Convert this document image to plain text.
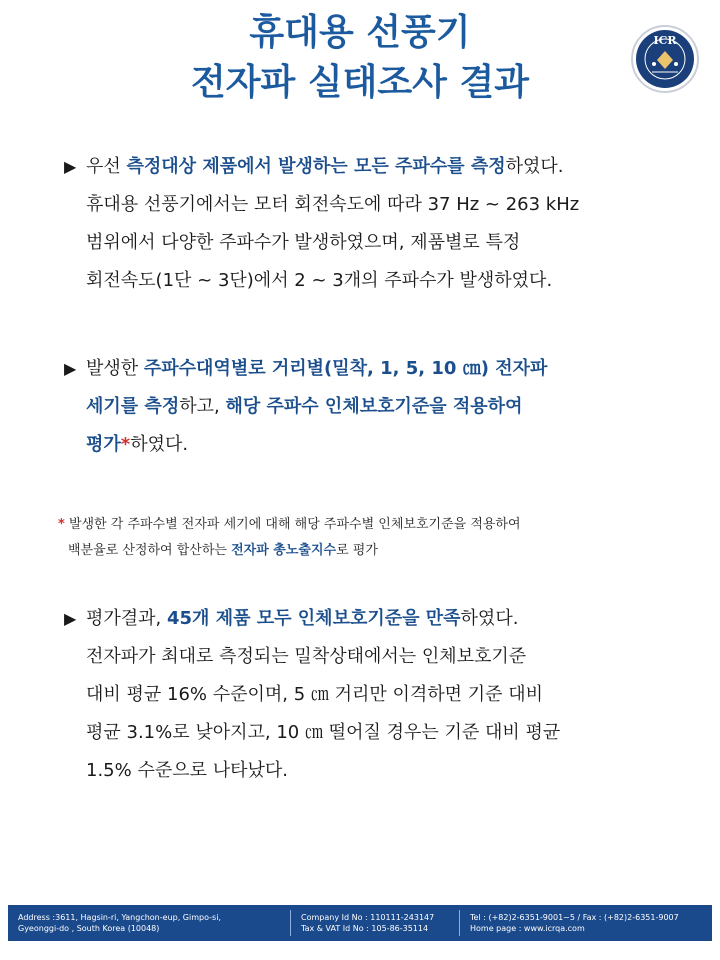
휴대용 선풍기
전자파 실태조사 결과
ICR
▶ 우선 측정대상 제품에서 발생하는 모든 주파수를 측정하였다.
휴대용 선풍기에서는 모터 회전속도에 따라 37 Hz ~ 263 kHz
범위에서 다양한 주파수가 발생하였으며, 제품별로 특정
회전속도(1단 ~ 3단)에서 2 ~ 3개의 주파수가 발생하였다.
▶ 발생한 주파수대역별로 거리별(밀착, 1, 5, 10 ㎝) 전자파
세기를 측정하고, 해당 주파수 인체보호기준을 적용하여
평가*하였다.
* 발생한 각 주파수별 전자파 세기에 대해 해당 주파수별 인체보호기준을 적용하여
백분율로 산정하여 합산하는 전자파 총노출지수로 평가
▶ 평가결과, 45개 제품 모두 인체보호기준을 만족하였다.
전자파가 최대로 측정되는 밀착상태에서는 인체보호기준
대비 평균 16% 수준이며, 5 ㎝ 거리만 이격하면 기준 대비
평균 3.1%로 낮아지고, 10 ㎝ 떨어질 경우는 기준 대비 평균
1.5% 수준으로 나타났다.
Address :3611, Hagsin-ri, Yangchon-eup, Gimpo-si,
Gyeonggi-do , South Korea (10048)
Company Id No : 110111-243147
Tax & VAT Id No : 105-86-35114
Tel : (+82)2-6351-9001~5 / Fax : (+82)2-6351-9007
Home page : www.icrqa.com
